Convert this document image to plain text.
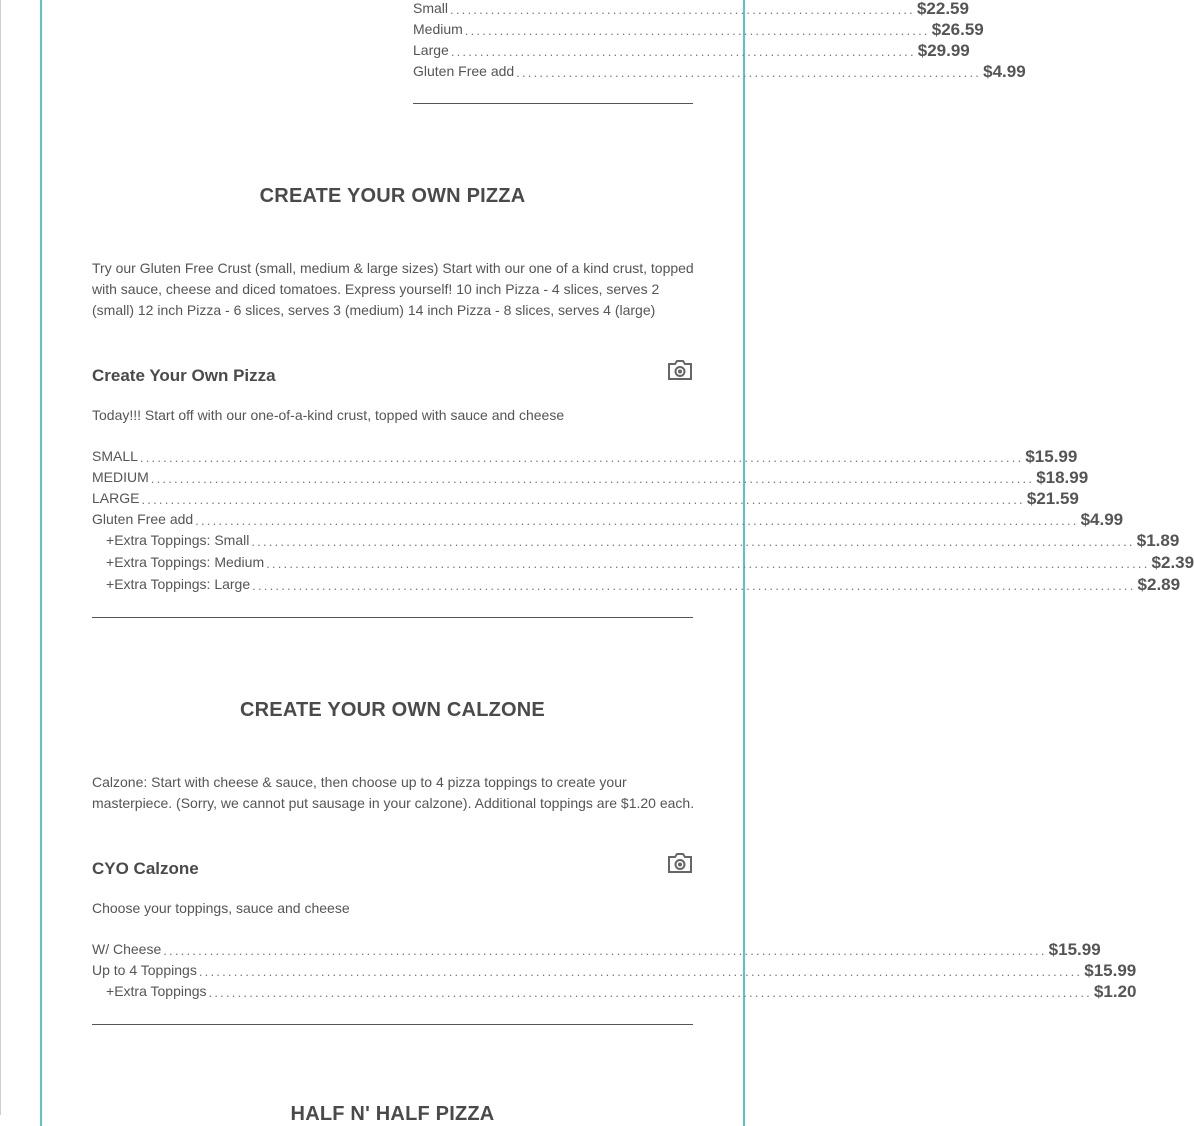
Small ................................................................................ $22.59
Medium ................................................................................ $26.59
Large ................................................................................ $29.99
Gluten Free add ................................................................................ $4.99
CREATE YOUR OWN PIZZA
Try our Gluten Free Crust (small, medium & large sizes) Start with our one of a kind crust, topped with sauce, cheese and diced tomatoes. Express yourself! 10 inch Pizza - 4 slices, serves 2 (small) 12 inch Pizza - 6 slices, serves 3 (medium) 14 inch Pizza - 8 slices, serves 4 (large)
Create Your Own Pizza
Today!!! Start off with our one-of-a-kind crust, topped with sauce and cheese
SMALL ........................................................................................................................................................ $15.99
MEDIUM ........................................................................................................................................................ $18.99
LARGE ........................................................................................................................................................ $21.59
Gluten Free add ........................................................................................................................................................ $4.99
+ Extra Toppings: Small ........................................................................................................................................................ $1.89
+ Extra Toppings: Medium ........................................................................................................................................................ $2.39
+ Extra Toppings: Large ........................................................................................................................................................ $2.89
CREATE YOUR OWN CALZONE
Calzone: Start with cheese & sauce, then choose up to 4 pizza toppings to create your masterpiece. (Sorry, we cannot put sausage in your calzone). Additional toppings are $1.20 each.
CYO Calzone
Choose your toppings, sauce and cheese
W/ Cheese ........................................................................................................................................................ $15.99
Up to 4 Toppings ........................................................................................................................................................ $15.99
+ Extra Toppings ........................................................................................................................................................ $1.20
HALF N' HALF PIZZA
